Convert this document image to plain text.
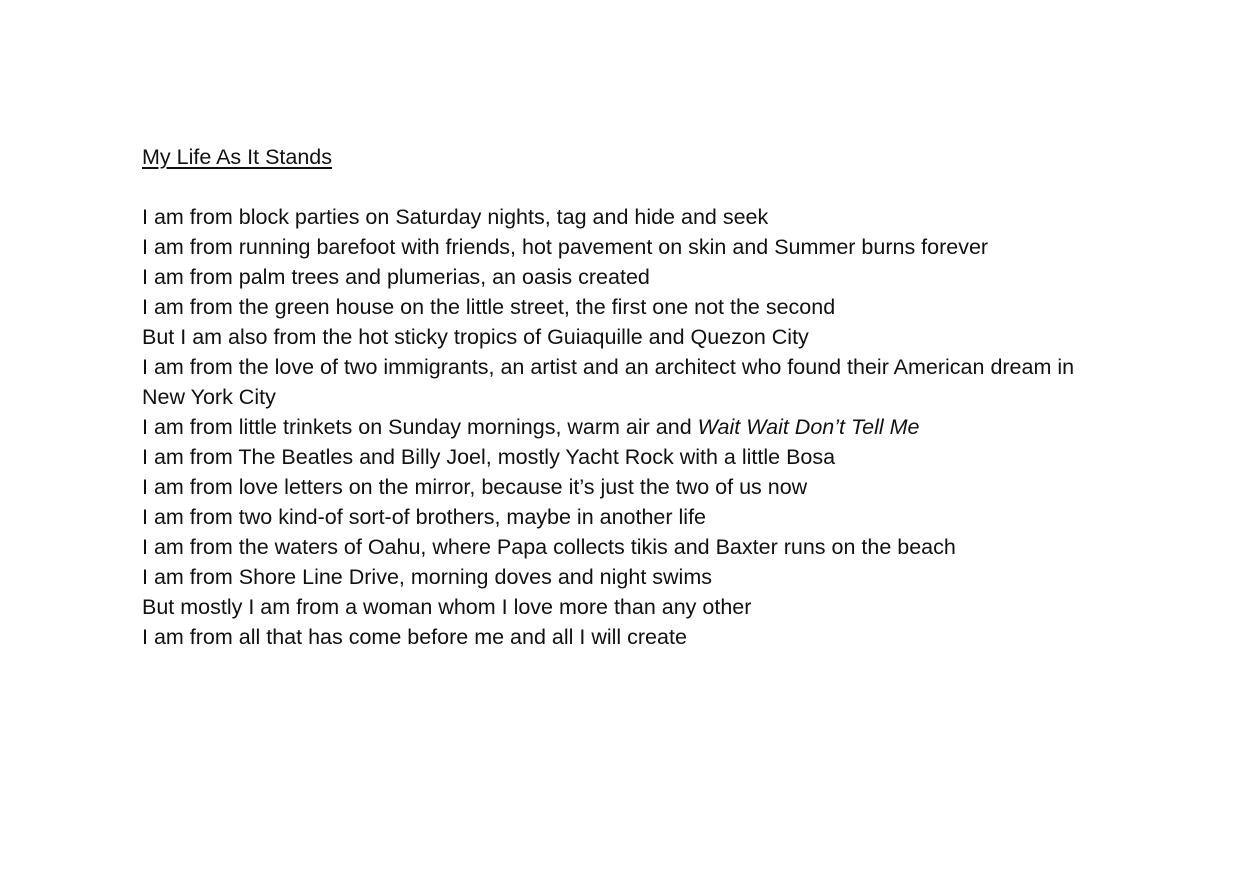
My Life As It Stands
I am from block parties on Saturday nights, tag and hide and seek
I am from running barefoot with friends, hot pavement on skin and Summer burns forever
I am from palm trees and plumerias, an oasis created
I am from the green house on the little street, the first one not the second
But I am also from the hot sticky tropics of Guiaquille and Quezon City
I am from the love of two immigrants, an artist and an architect who found their American dream in New York City
I am from little trinkets on Sunday mornings, warm air and Wait Wait Don’t Tell Me
I am from The Beatles and Billy Joel, mostly Yacht Rock with a little Bosa
I am from love letters on the mirror, because it’s just the two of us now
I am from two kind-of sort-of brothers, maybe in another life
I am from the waters of Oahu, where Papa collects tikis and Baxter runs on the beach
I am from Shore Line Drive, morning doves and night swims
But mostly I am from a woman whom I love more than any other
I am from all that has come before me and all I will create
